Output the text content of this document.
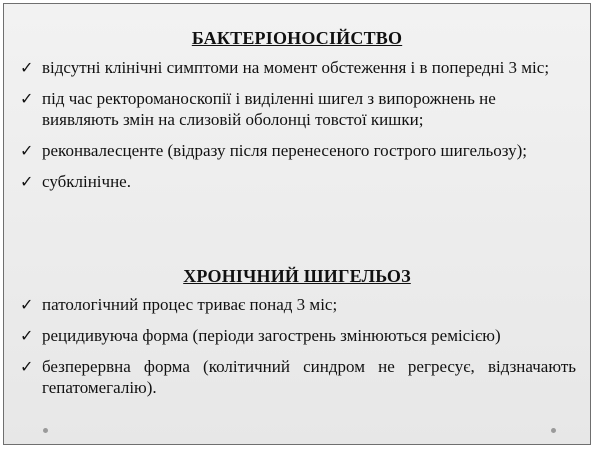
БАКТЕРІОНОСІЙСТВО
✓ відсутні клінічні симптоми на момент обстеження і в попередні 3 міс;
✓ під час ректороманоскопії і виділенні шигел з випорожнень не виявляють змін на слизовій оболонці товстої кишки;
✓ реконвалесценте (відразу після перенесеного гострого шигельозу);
✓ субклінічне.
ХРОНІЧНИЙ ШИГЕЛЬОЗ
✓ патологічний процес триває понад 3 міс;
✓ рецидивуюча форма (періоди загострень змінюються ремісією)
✓ безперервна форма (колітичний синдром не регресує, відзначають гепатомегалію).
